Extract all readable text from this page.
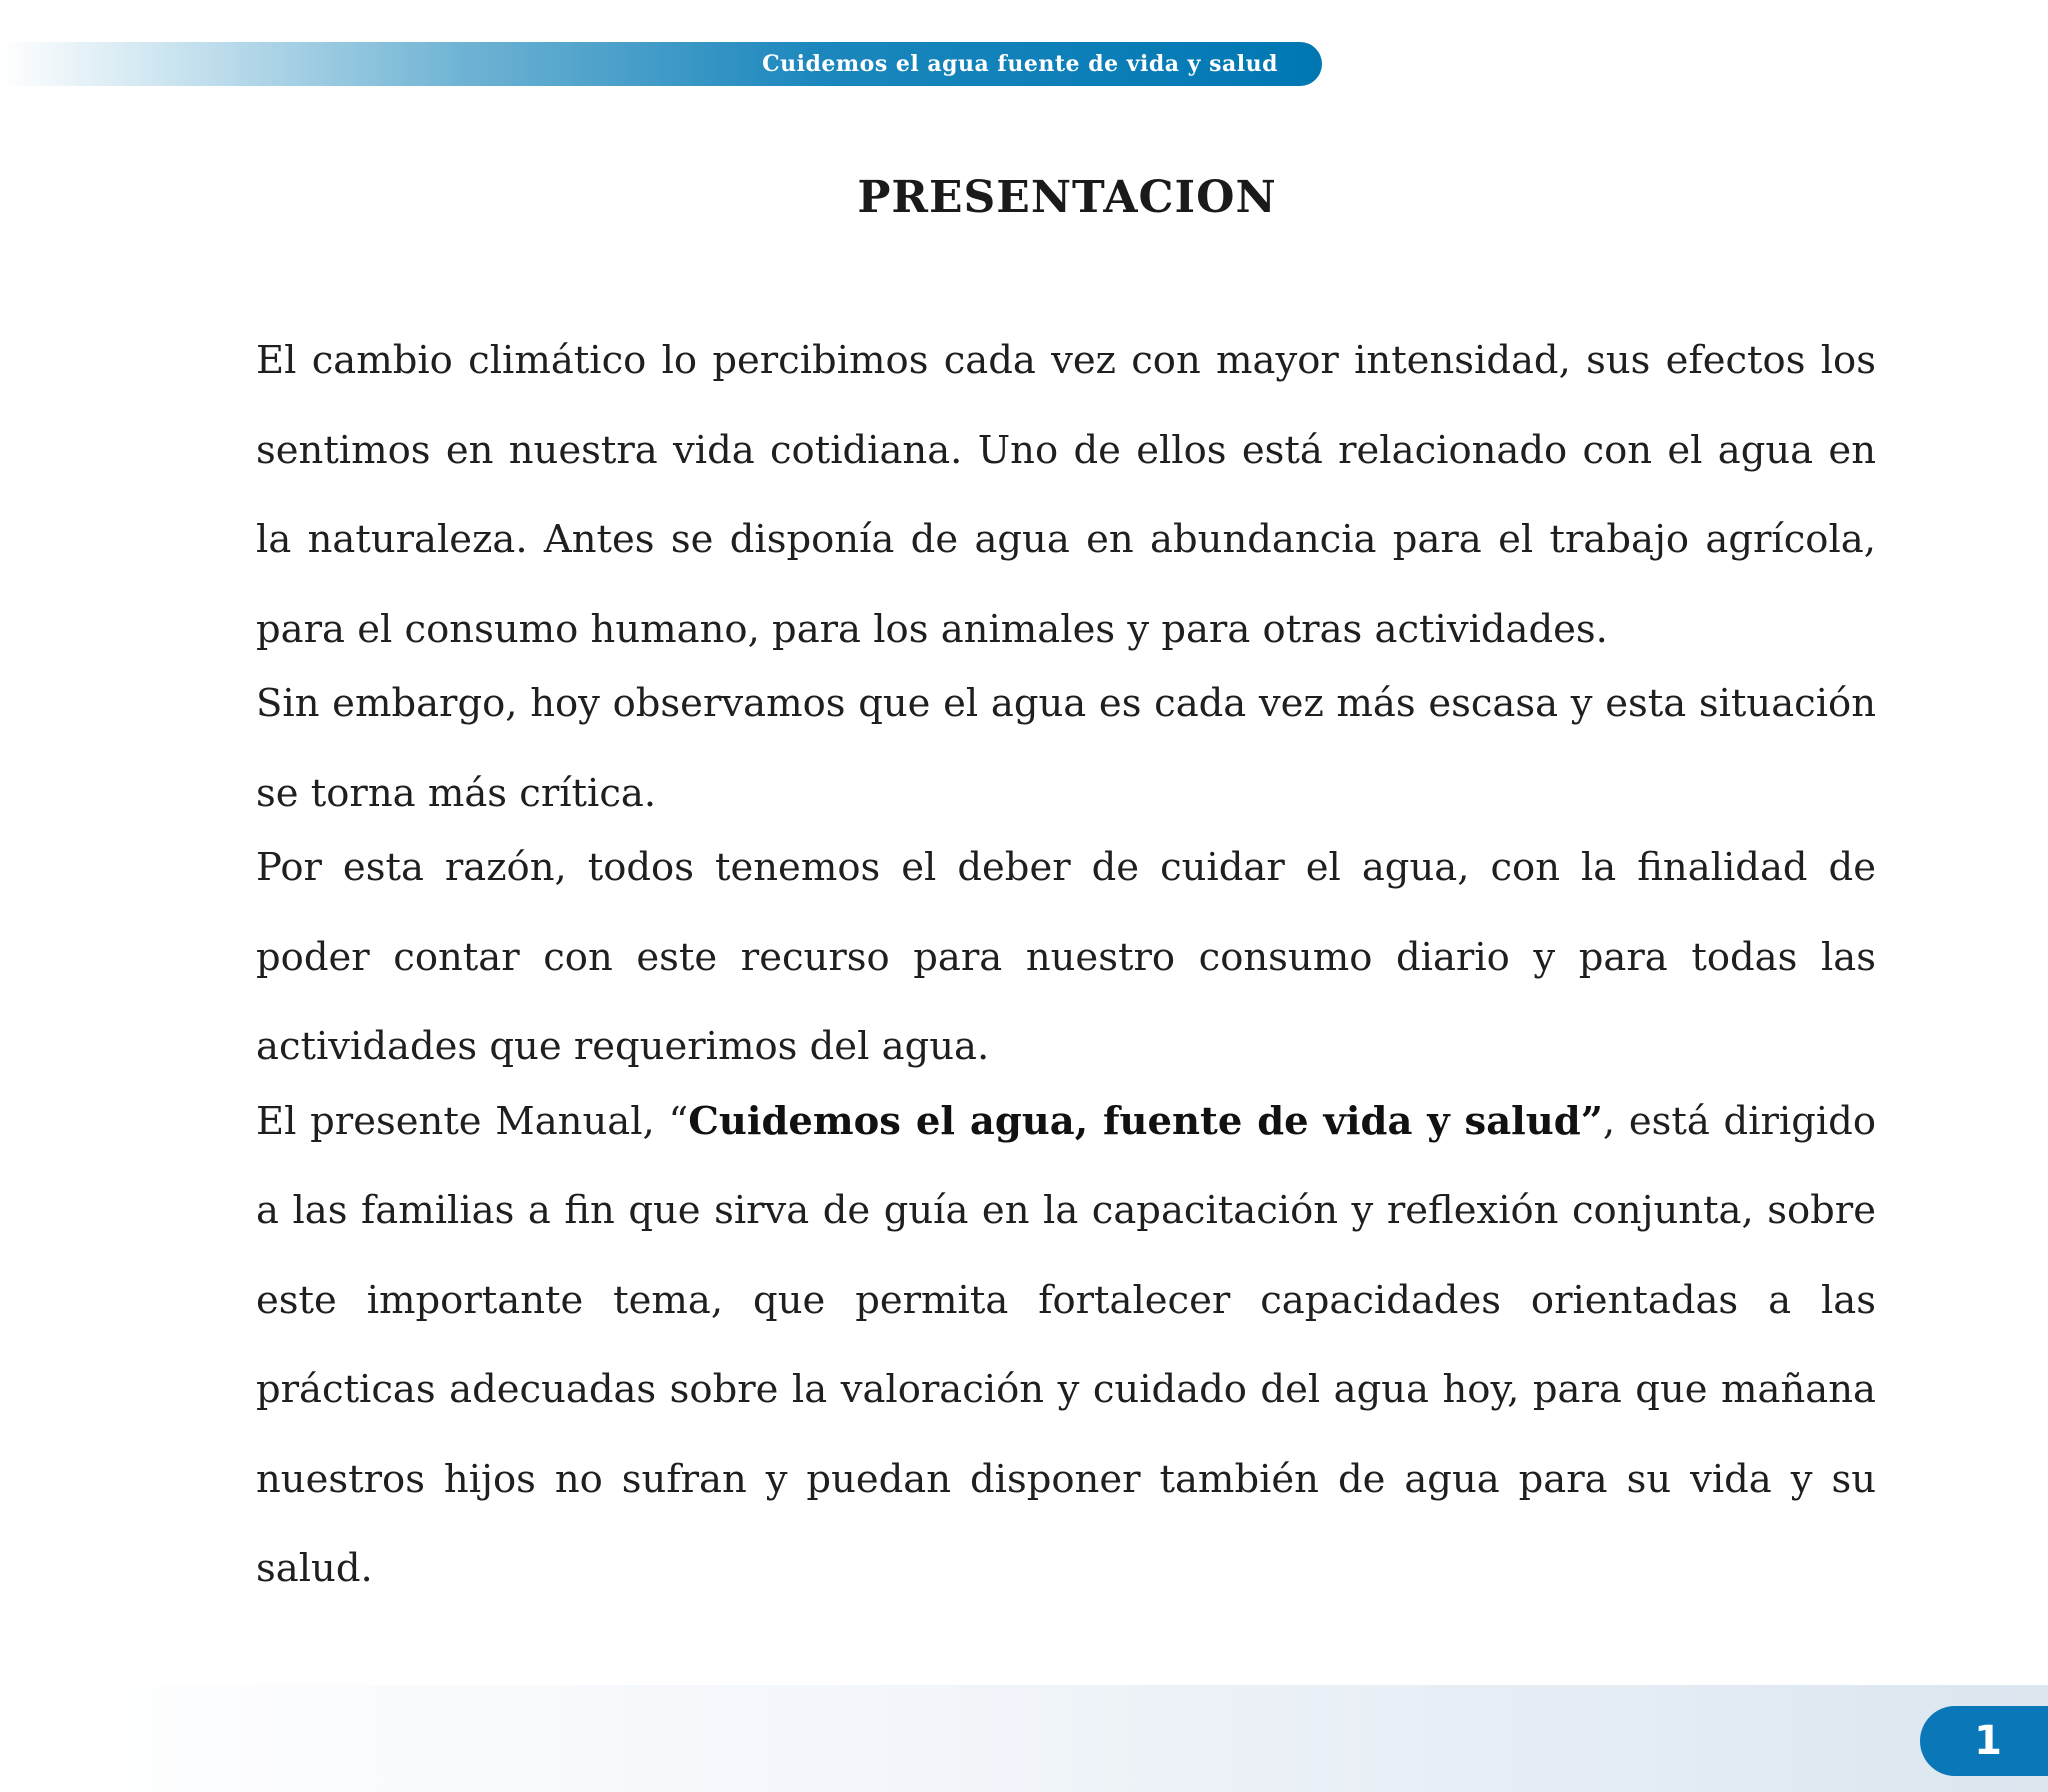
Cuidemos el agua fuente de vida y salud
PRESENTACION

El cambio climático lo percibimos cada vez con mayor intensidad, sus efectos los sentimos en nuestra vida cotidiana. Uno de ellos está relacionado con el agua en la naturaleza. Antes se disponía de agua en abundancia para el trabajo agrícola, para el consumo humano, para los animales y para otras actividades.

Sin embargo, hoy observamos que el agua es cada vez más escasa y esta situación se torna más crítica.

Por esta razón, todos tenemos el deber de cuidar el agua, con la finalidad de poder contar con este recurso para nuestro consumo diario y para todas las actividades que requerimos del agua.

El presente Manual, “Cuidemos el agua, fuente de vida y salud”, está dirigido a las familias a fin que sirva de guía en la capacitación y reflexión conjunta, sobre este importante tema, que permita fortalecer capacidades orientadas a las prácticas adecuadas sobre la valoración y cuidado del agua hoy, para que mañana nuestros hijos no sufran y puedan disponer también de agua para su vida y su salud.

1
